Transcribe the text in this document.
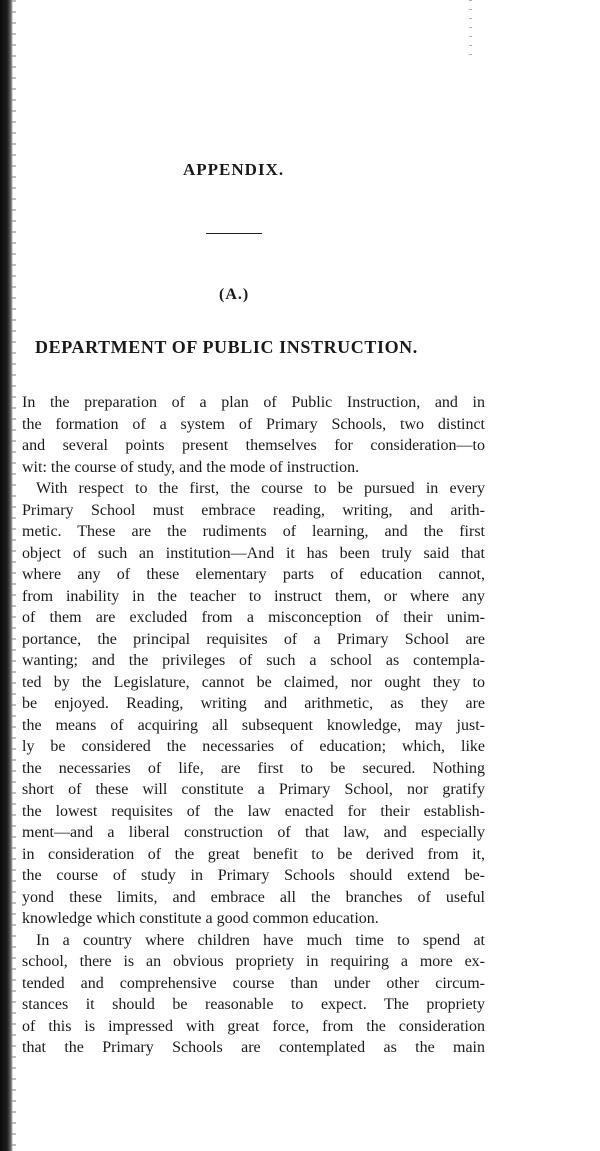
APPENDIX.
(A.)
DEPARTMENT OF PUBLIC INSTRUCTION.
In the preparation of a plan of Public Instruction, and in
the formation of a system of Primary Schools, two distinct
and several points present themselves for consideration—to
wit: the course of study, and the mode of instruction.
With respect to the first, the course to be pursued in every
Primary School must embrace reading, writing, and arith-
metic. These are the rudiments of learning, and the first
object of such an institution—And it has been truly said that
where any of these elementary parts of education cannot,
from inability in the teacher to instruct them, or where any
of them are excluded from a misconception of their unim-
portance, the principal requisites of a Primary School are
wanting; and the privileges of such a school as contempla-
ted by the Legislature, cannot be claimed, nor ought they to
be enjoyed. Reading, writing and arithmetic, as they are
the means of acquiring all subsequent knowledge, may just-
ly be considered the necessaries of education; which, like
the necessaries of life, are first to be secured. Nothing
short of these will constitute a Primary School, nor gratify
the lowest requisites of the law enacted for their establish-
ment—and a liberal construction of that law, and especially
in consideration of the great benefit to be derived from it,
the course of study in Primary Schools should extend be-
yond these limits, and embrace all the branches of useful
knowledge which constitute a good common education.
In a country where children have much time to spend at
school, there is an obvious propriety in requiring a more ex-
tended and comprehensive course than under other circum-
stances it should be reasonable to expect. The propriety
of this is impressed with great force, from the consideration
that the Primary Schools are contemplated as the main
